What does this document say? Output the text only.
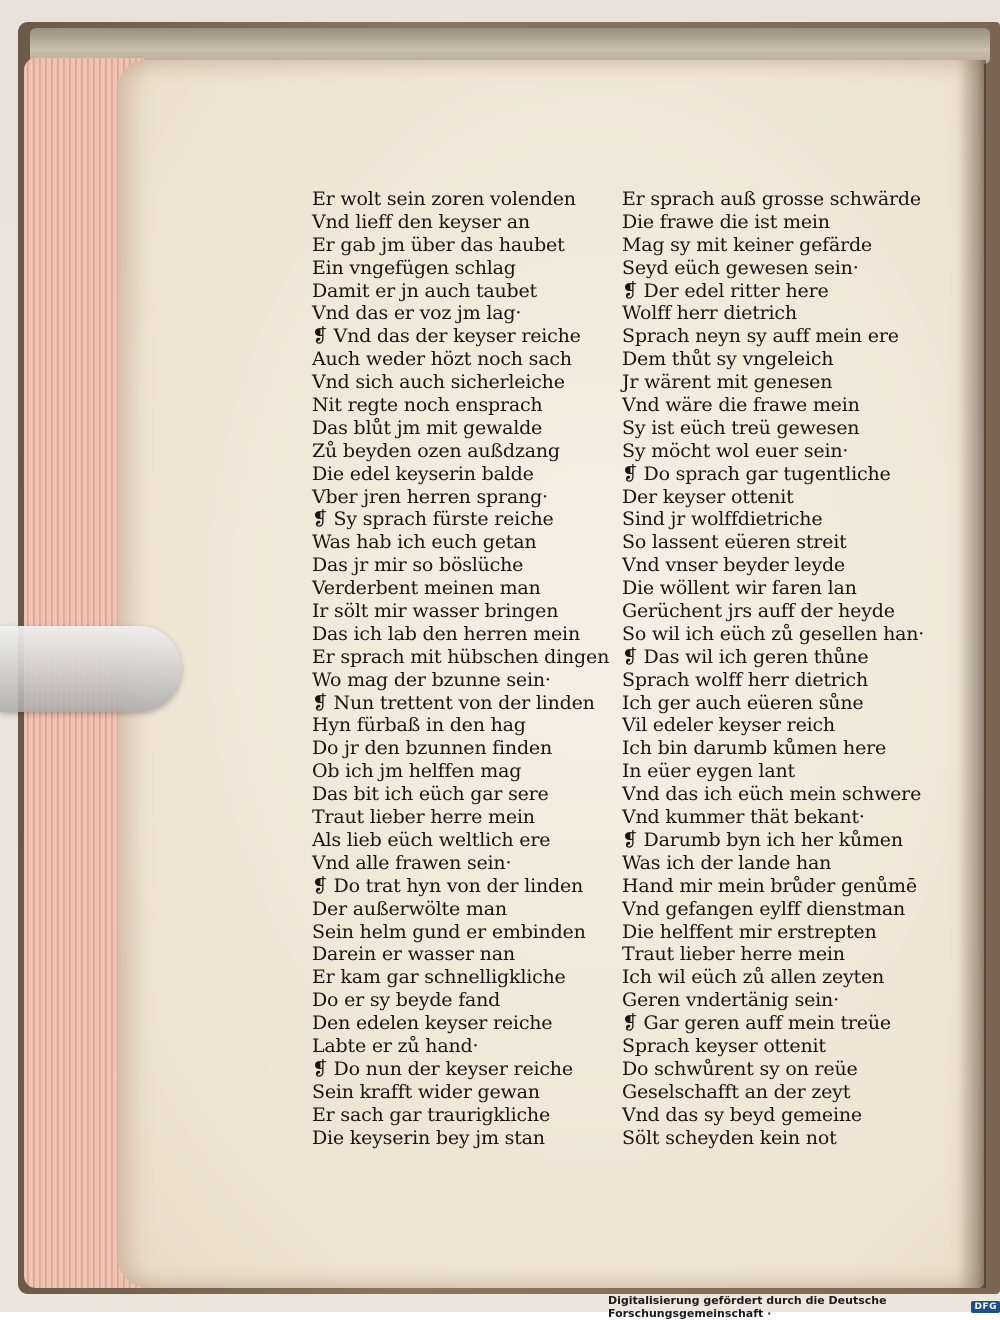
Er wolt sein zoren volenden
Vnd lieff den keyser an
Er gab jm über das haubet
Ein vngefügen schlag
Damit er jn auch taubet
Vnd das er voz jm lag·
❡ Vnd das der keyser reiche
Auch weder hözt noch sach
Vnd sich auch sicherleiche
Nit regte noch ensprach
Das blůt jm mit gewalde
Zů beyden ozen außdzang
Die edel keyserin balde
Vber jren herren sprang·
❡ Sy sprach fürste reiche
Was hab ich euch getan
Das jr mir so böslüche
Verderbent meinen man
Ir sölt mir wasser bringen
Das ich lab den herren mein
Er sprach mit hübschen dingen
Wo mag der bzunne sein·
❡ Nun trettent von der linden
Hyn fürbaß in den hag
Do jr den bzunnen finden
Ob ich jm helffen mag
Das bit ich eüch gar sere
Traut lieber herre mein
Als lieb eüch weltlich ere
Vnd alle frawen sein·
❡ Do trat hyn von der linden
Der außerwölte man
Sein helm gund er embinden
Darein er wasser nan
Er kam gar schnelligkliche
Do er sy beyde fand
Den edelen keyser reiche
Labte er zů hand·
❡ Do nun der keyser reiche
Sein krafft wider gewan
Er sach gar traurigkliche
Die keyserin bey jm stan
Er sprach auß grosse schwärde
Die frawe die ist mein
Mag sy mit keiner gefärde
Seyd eüch gewesen sein·
❡ Der edel ritter here
Wolff herr dietrich
Sprach neyn sy auff mein ere
Dem thůt sy vngeleich
Jr wärent mit genesen
Vnd wäre die frawe mein
Sy ist eüch treü gewesen
Sy möcht wol euer sein·
❡ Do sprach gar tugentliche
Der keyser ottenit
Sind jr wolffdietriche
So lassent eüeren streit
Vnd vnser beyder leyde
Die wöllent wir faren lan
Gerüchent jrs auff der heyde
So wil ich eüch zů gesellen han·
❡ Das wil ich geren thůne
Sprach wolff herr dietrich
Ich ger auch eüeren sůne
Vil edeler keyser reich
Ich bin darumb kůmen here
In eüer eygen lant
Vnd das ich eüch mein schwere
Vnd kummer thät bekant·
❡ Darumb byn ich her kůmen
Was ich der lande han
Hand mir mein brůder genůmē
Vnd gefangen eylff dienstman
Die helffent mir erstrepten
Traut lieber herre mein
Ich wil eüch zů allen zeyten
Geren vndertänig sein·
❡ Gar geren auff mein treüe
Sprach keyser ottenit
Do schwůrent sy on reüe
Geselschafft an der zeyt
Vnd das sy beyd gemeine
Sölt scheyden kein not
Digitalisierung gefördert durch die Deutsche Forschungsgemeinschaft ·	DFG
